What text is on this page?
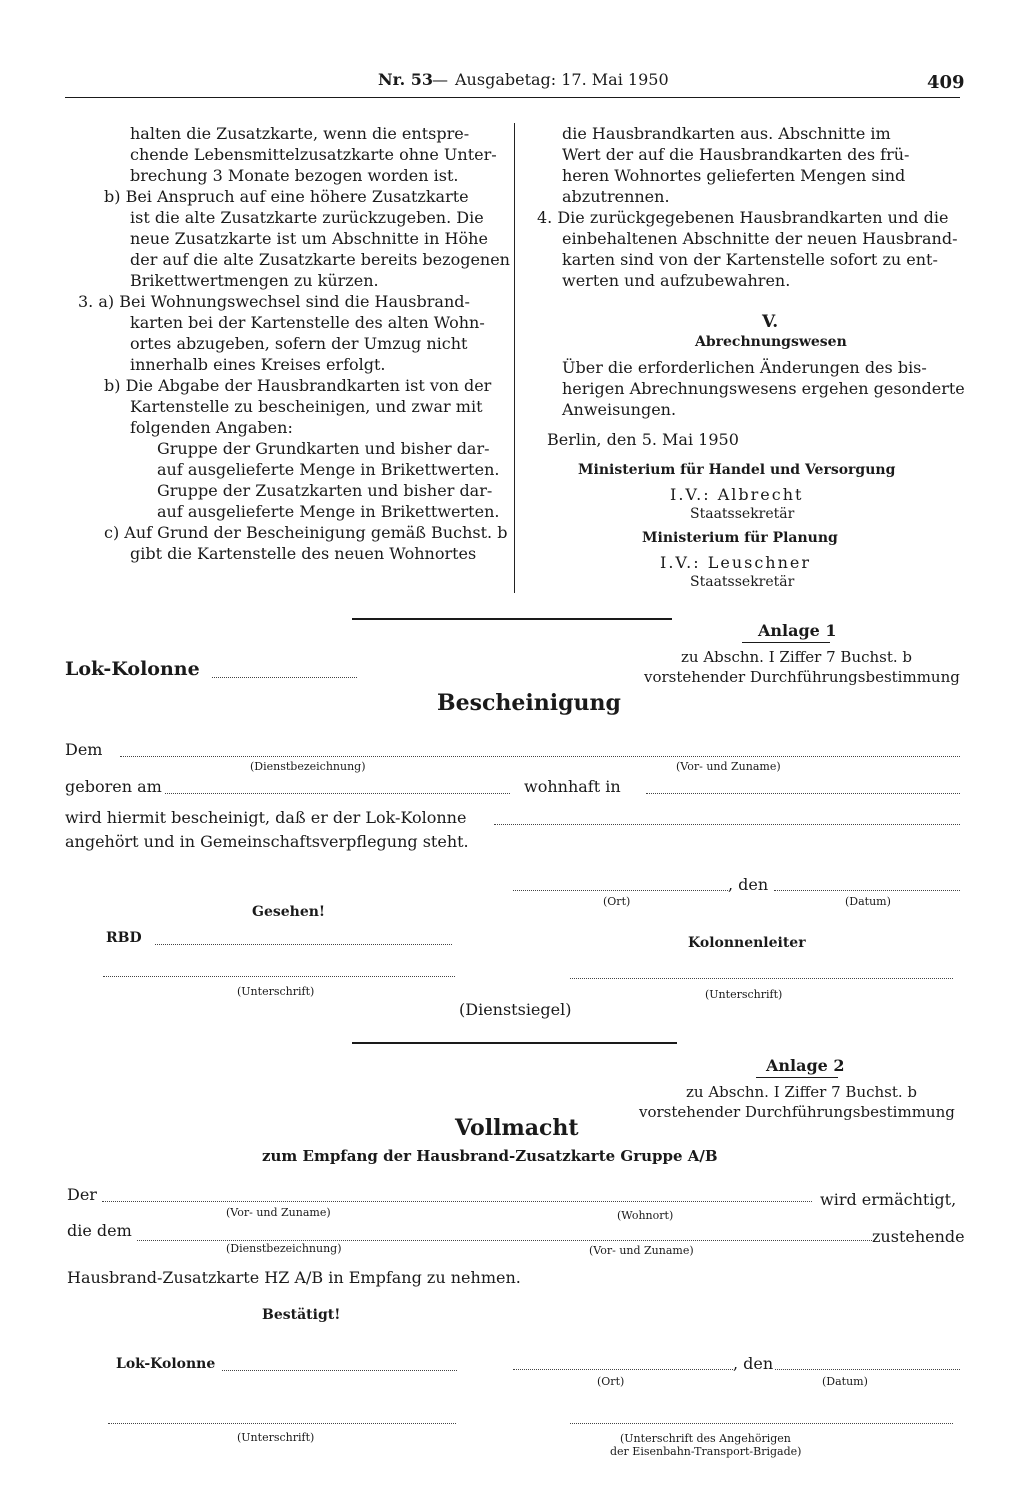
Nr. 53 — Ausgabetag: 17. Mai 1950	409
halten die Zusatzkarte, wenn die entspre-
chende Lebensmittelzusatzkarte ohne Unter-
brechung 3 Monate bezogen worden ist.
b) Bei Anspruch auf eine höhere Zusatzkarte
ist die alte Zusatzkarte zurückzugeben. Die
neue Zusatzkarte ist um Abschnitte in Höhe
der auf die alte Zusatzkarte bereits bezogenen
Brikettwertmengen zu kürzen.
3. a) Bei Wohnungswechsel sind die Hausbrand-
karten bei der Kartenstelle des alten Wohn-
ortes abzugeben, sofern der Umzug nicht
innerhalb eines Kreises erfolgt.
b) Die Abgabe der Hausbrandkarten ist von der
Kartenstelle zu bescheinigen, und zwar mit
folgenden Angaben:
Gruppe der Grundkarten und bisher dar-
auf ausgelieferte Menge in Brikettwerten.
Gruppe der Zusatzkarten und bisher dar-
auf ausgelieferte Menge in Brikettwerten.
c) Auf Grund der Bescheinigung gemäß Buchst. b
gibt die Kartenstelle des neuen Wohnortes
die Hausbrandkarten aus. Abschnitte im
Wert der auf die Hausbrandkarten des frü-
heren Wohnortes gelieferten Mengen sind
abzutrennen.
4. Die zurückgegebenen Hausbrandkarten und die
einbehaltenen Abschnitte der neuen Hausbrand-
karten sind von der Kartenstelle sofort zu ent-
werten und aufzubewahren.
V.
Abrechnungswesen
Über die erforderlichen Änderungen des bis-
herigen Abrechnungswesens ergehen gesonderte
Anweisungen.
Berlin, den 5. Mai 1950
Ministerium für Handel und Versorgung
I.V.: Albrecht
Staatssekretär
Ministerium für Planung
I.V.: Leuschner
Staatssekretär
Anlage 1
zu Abschn. I Ziffer 7 Buchst. b
vorstehender Durchführungsbestimmung
Lok-Kolonne
Bescheinigung
Dem
(Dienstbezeichnung)	(Vor- und Zuname)
geboren am	wohnhaft in
wird hiermit bescheinigt, daß er der Lok-Kolonne
angehört und in Gemeinschaftsverpflegung steht.
, den
(Ort)	(Datum)
Gesehen!
RBD	Kolonnenleiter
(Unterschrift)	(Unterschrift)
(Dienstsiegel)
Anlage 2
zu Abschn. I Ziffer 7 Buchst. b
vorstehender Durchführungsbestimmung
Vollmacht
zum Empfang der Hausbrand-Zusatzkarte Gruppe A/B
Der	wird ermächtigt,
(Vor- und Zuname)	(Wohnort)
die dem	zustehende
(Dienstbezeichnung)	(Vor- und Zuname)
Hausbrand-Zusatzkarte HZ A/B in Empfang zu nehmen.
Bestätigt!
Lok-Kolonne	, den
(Ort)	(Datum)
(Unterschrift)	(Unterschrift des Angehörigen
der Eisenbahn-Transport-Brigade)
